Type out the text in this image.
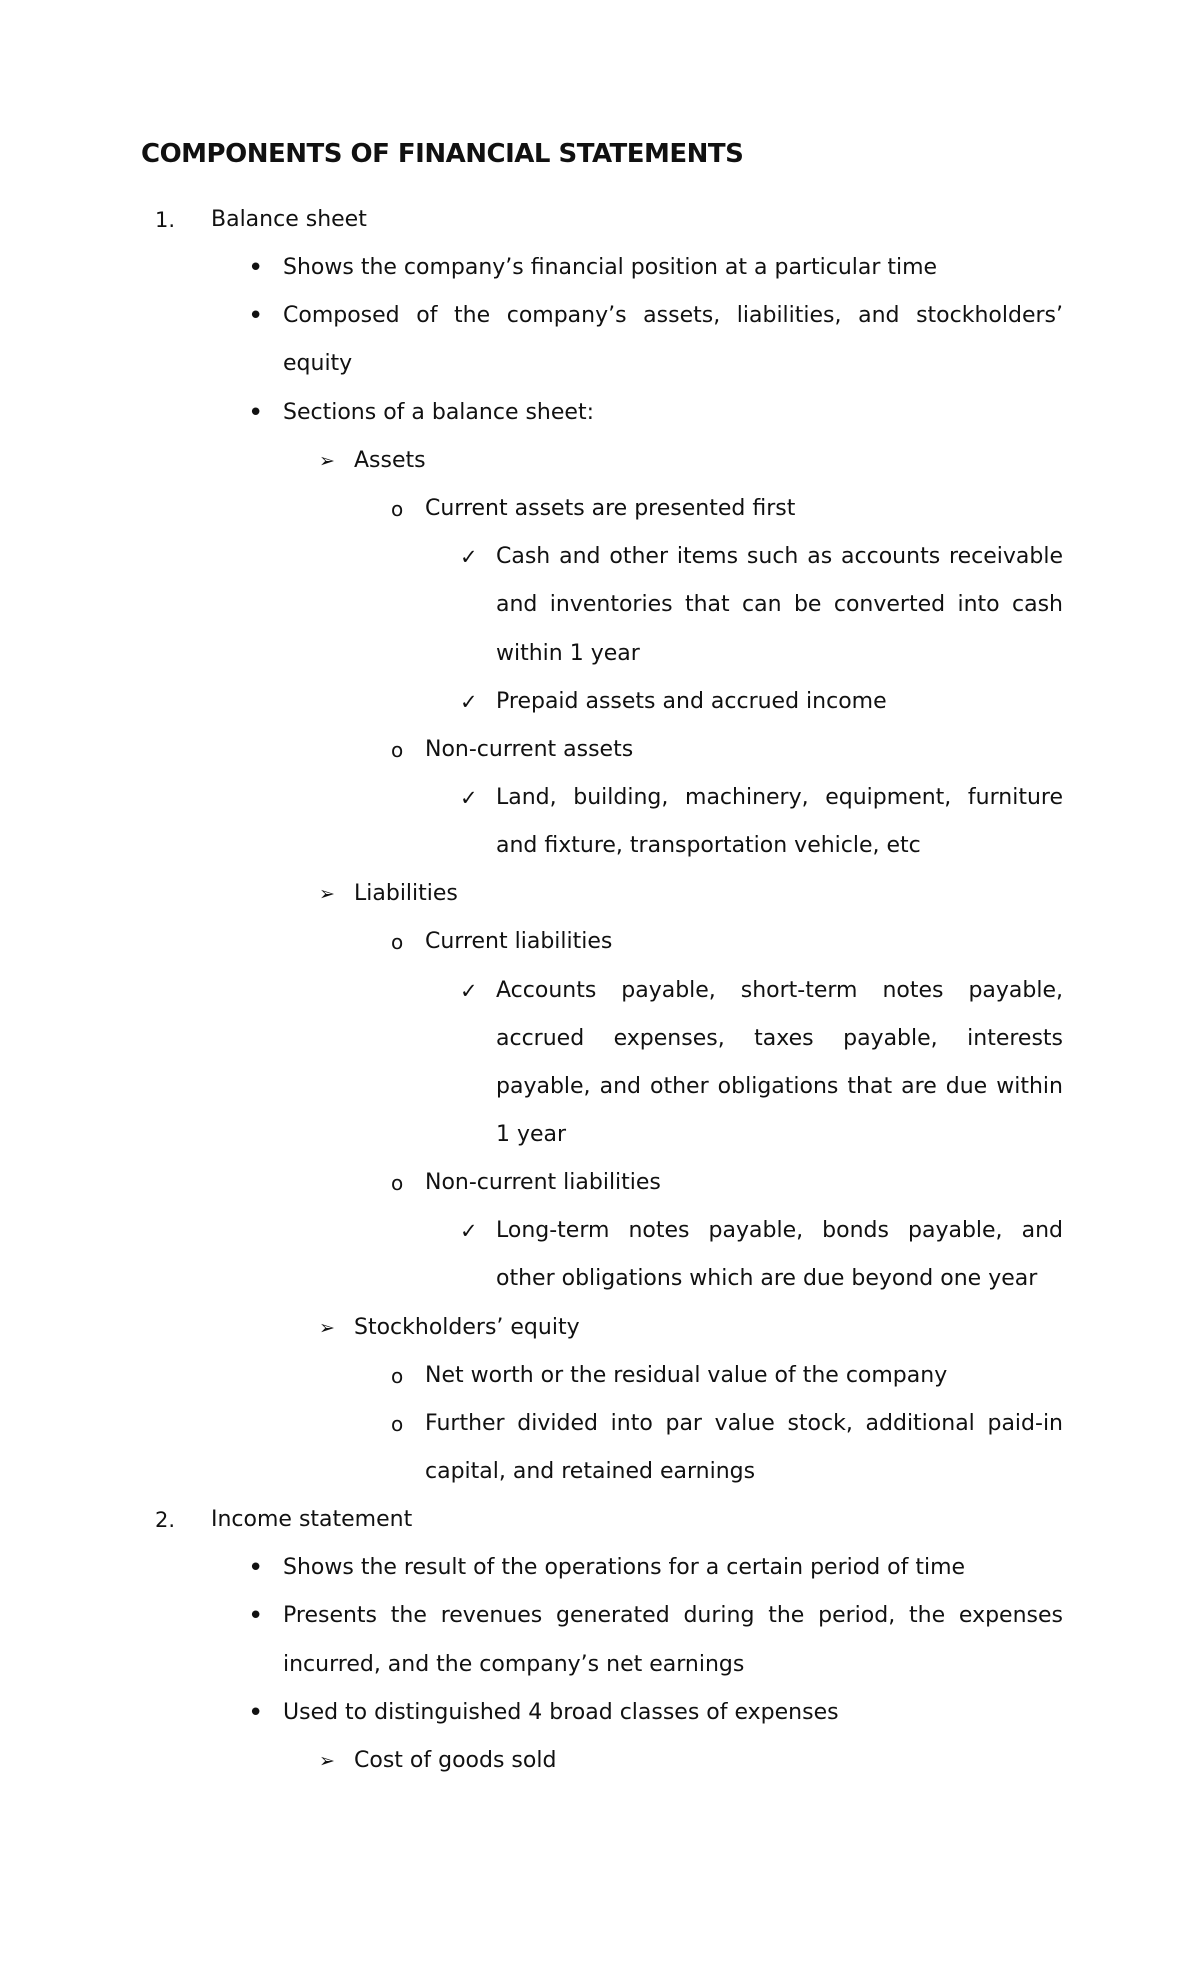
COMPONENTS OF FINANCIAL STATEMENTS
1. Balance sheet
• Shows the company’s financial position at a particular time
• Composed of the company’s assets, liabilities, and stockholders’
equity
• Sections of a balance sheet:
➢ Assets
o Current assets are presented first
✓ Cash and other items such as accounts receivable
and inventories that can be converted into cash
within 1 year
✓ Prepaid assets and accrued income
o Non-current assets
✓ Land, building, machinery, equipment, furniture
and fixture, transportation vehicle, etc
➢ Liabilities
o Current liabilities
✓ Accounts payable, short-term notes payable,
accrued expenses, taxes payable, interests
payable, and other obligations that are due within
1 year
o Non-current liabilities
✓ Long-term notes payable, bonds payable, and
other obligations which are due beyond one year
➢ Stockholders’ equity
o Net worth or the residual value of the company
o Further divided into par value stock, additional paid-in
capital, and retained earnings
2. Income statement
• Shows the result of the operations for a certain period of time
• Presents the revenues generated during the period, the expenses
incurred, and the company’s net earnings
• Used to distinguished 4 broad classes of expenses
➢ Cost of goods sold
